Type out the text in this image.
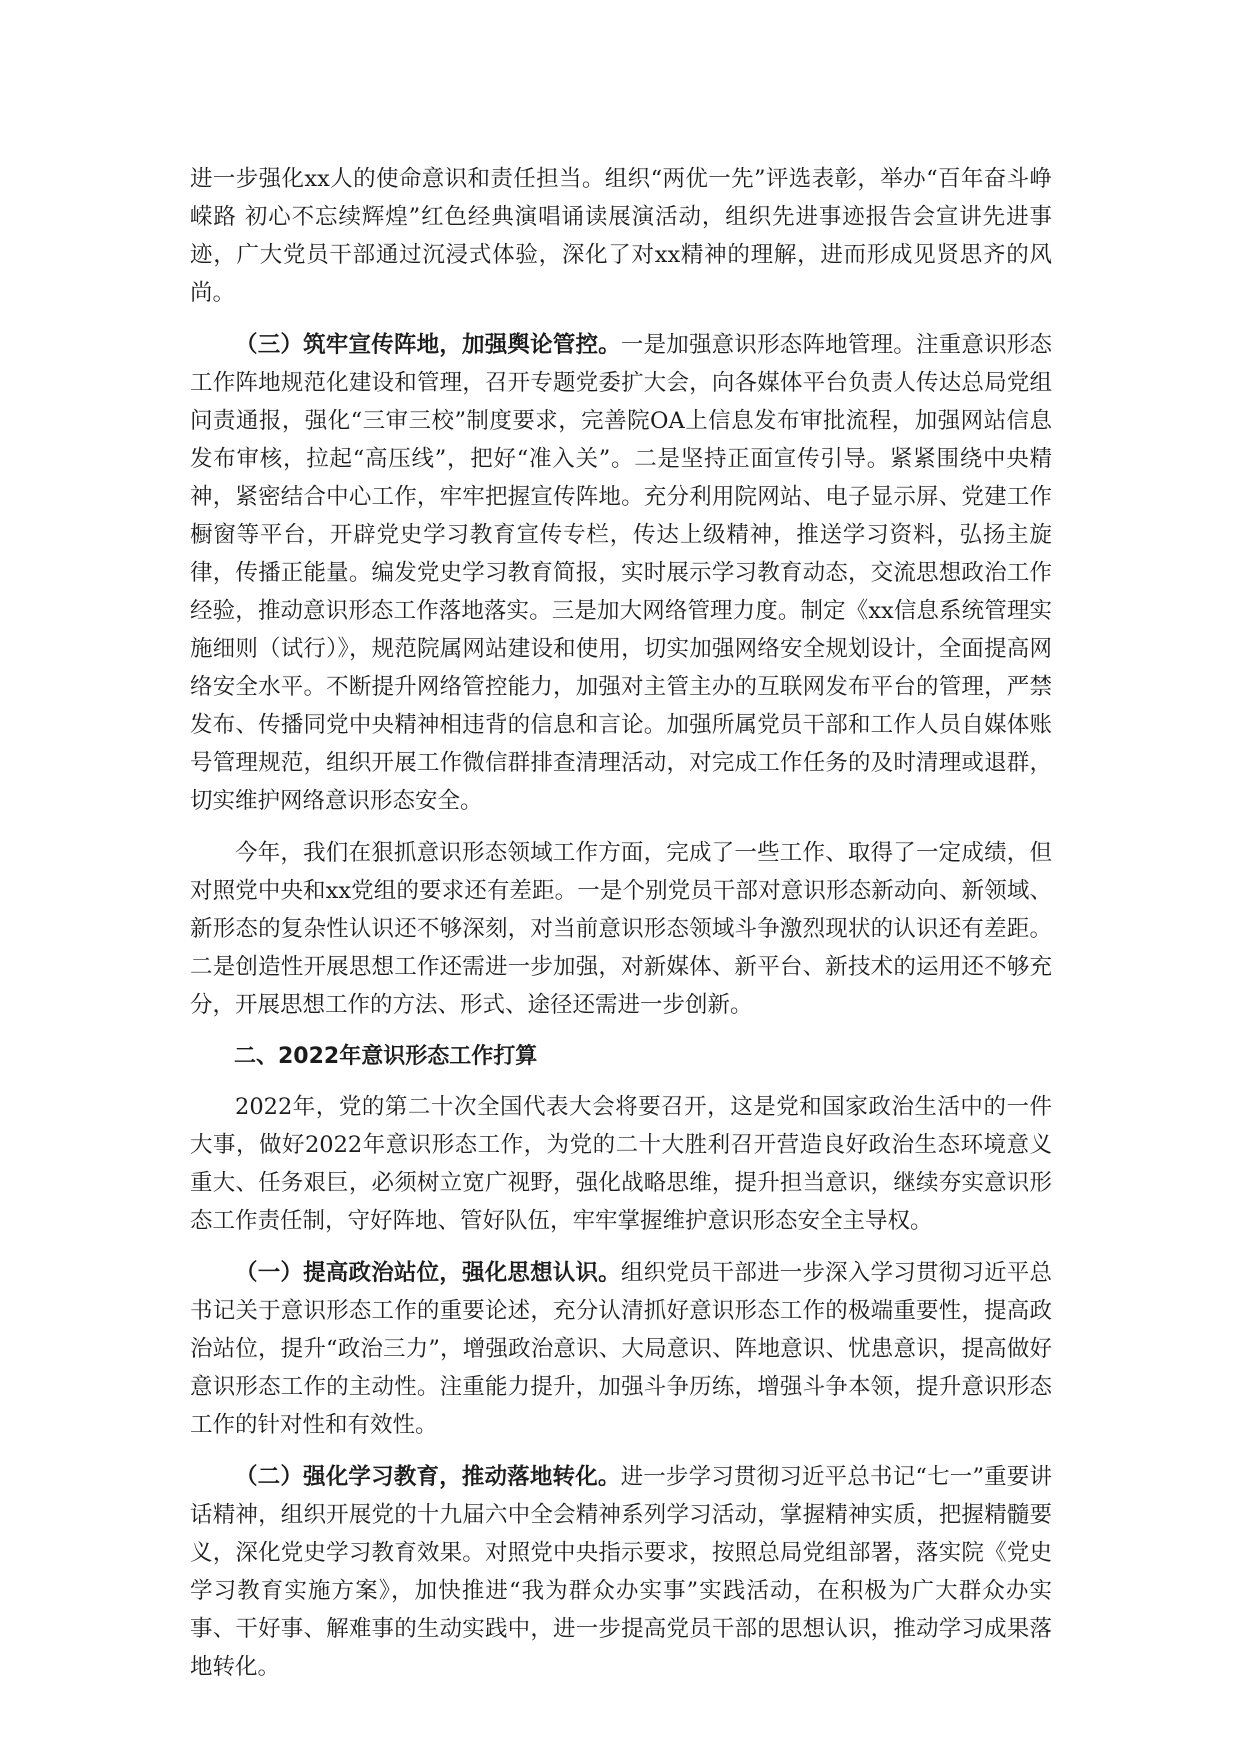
进一步强化xx人的使命意识和责任担当。组织“两优一先”评选表彰，举办“百年奋斗峥嵘路 初心不忘续辉煌”红色经典演唱诵读展演活动，组织先进事迹报告会宣讲先进事迹，广大党员干部通过沉浸式体验，深化了对xx精神的理解，进而形成见贤思齐的风尚。

（三）筑牢宣传阵地，加强舆论管控。一是加强意识形态阵地管理。注重意识形态工作阵地规范化建设和管理，召开专题党委扩大会，向各媒体平台负责人传达总局党组问责通报，强化“三审三校”制度要求，完善院OA上信息发布审批流程，加强网站信息发布审核，拉起“高压线”，把好“准入关”。二是坚持正面宣传引导。紧紧围绕中央精神，紧密结合中心工作，牢牢把握宣传阵地。充分利用院网站、电子显示屏、党建工作橱窗等平台，开辟党史学习教育宣传专栏，传达上级精神，推送学习资料，弘扬主旋律，传播正能量。编发党史学习教育简报，实时展示学习教育动态，交流思想政治工作经验，推动意识形态工作落地落实。三是加大网络管理力度。制定《xx信息系统管理实施细则（试行）》，规范院属网站建设和使用，切实加强网络安全规划设计，全面提高网络安全水平。不断提升网络管控能力，加强对主管主办的互联网发布平台的管理，严禁发布、传播同党中央精神相违背的信息和言论。加强所属党员干部和工作人员自媒体账号管理规范，组织开展工作微信群排查清理活动，对完成工作任务的及时清理或退群，切实维护网络意识形态安全。

今年，我们在狠抓意识形态领域工作方面，完成了一些工作、取得了一定成绩，但对照党中央和xx党组的要求还有差距。一是个别党员干部对意识形态新动向、新领域、新形态的复杂性认识还不够深刻，对当前意识形态领域斗争激烈现状的认识还有差距。二是创造性开展思想工作还需进一步加强，对新媒体、新平台、新技术的运用还不够充分，开展思想工作的方法、形式、途径还需进一步创新。

二、2022年意识形态工作打算

2022年，党的第二十次全国代表大会将要召开，这是党和国家政治生活中的一件大事，做好2022年意识形态工作，为党的二十大胜利召开营造良好政治生态环境意义重大、任务艰巨，必须树立宽广视野，强化战略思维，提升担当意识，继续夯实意识形态工作责任制，守好阵地、管好队伍，牢牢掌握维护意识形态安全主导权。

（一）提高政治站位，强化思想认识。组织党员干部进一步深入学习贯彻习近平总书记关于意识形态工作的重要论述，充分认清抓好意识形态工作的极端重要性，提高政治站位，提升“政治三力”，增强政治意识、大局意识、阵地意识、忧患意识，提高做好意识形态工作的主动性。注重能力提升，加强斗争历练，增强斗争本领，提升意识形态工作的针对性和有效性。

（二）强化学习教育，推动落地转化。进一步学习贯彻习近平总书记“七一”重要讲话精神，组织开展党的十九届六中全会精神系列学习活动，掌握精神实质，把握精髓要义，深化党史学习教育效果。对照党中央指示要求，按照总局党组部署，落实院《党史学习教育实施方案》，加快推进“我为群众办实事”实践活动，在积极为广大群众办实事、干好事、解难事的生动实践中，进一步提高党员干部的思想认识，推动学习成果落地转化。
